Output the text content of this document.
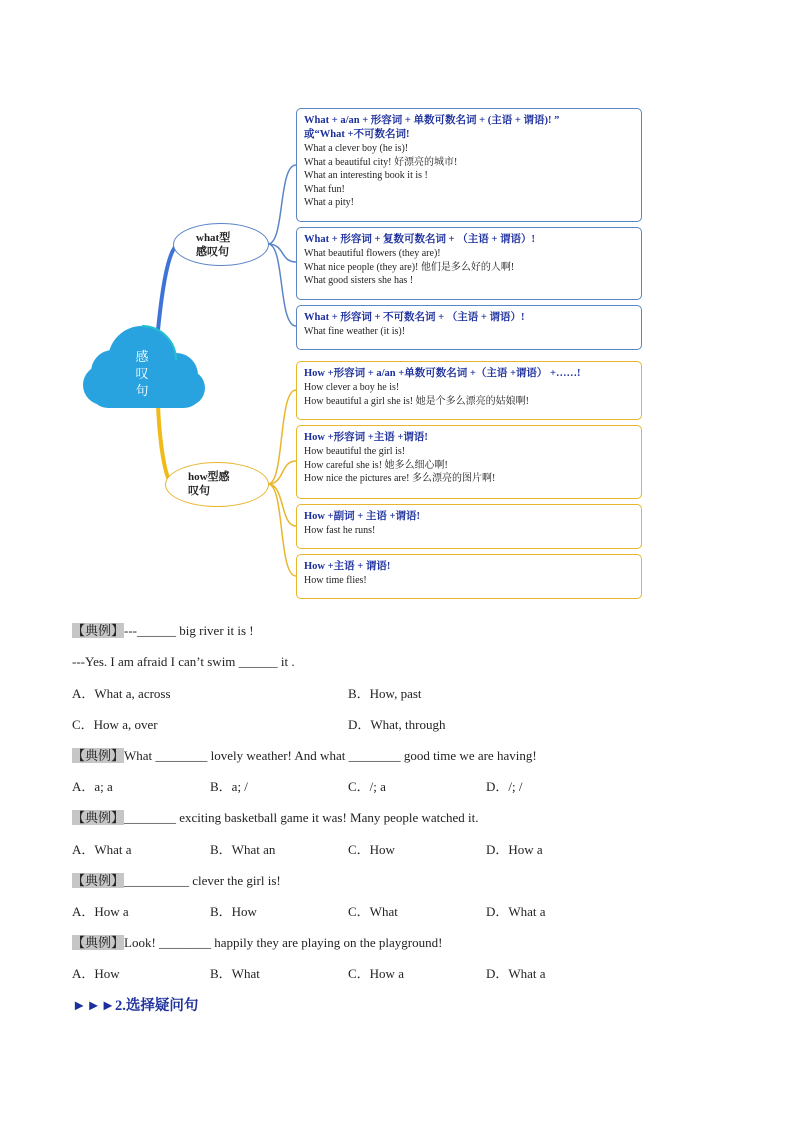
感
叹
句
what型
感叹句
how型感
叹句
What + a/an + 形容词 + 单数可数名词 + (主语 + 谓语)! ”
或“What +不可数名词!
What a clever boy (he is)!
What a beautiful city! 好漂亮的城市!
What an interesting book it is !
What fun!
What a pity!
What + 形容词 + 复数可数名词 + （主语 + 谓语）!
What beautiful flowers (they are)!
What nice people (they are)! 他们是多么好的人啊!
What good sisters she has !
What + 形容词 + 不可数名词 + （主语 + 谓语）!
What fine weather (it is)!
How +形容词 + a/an +单数可数名词 +（主语 +谓语） +……!
How clever a boy he is!
How beautiful a girl she is! 她是个多么漂亮的姑娘啊!
How +形容词 +主语 +谓语!
How beautiful the girl is!
How careful she is! 她多么细心啊!
How nice the pictures are! 多么漂亮的图片啊!
How +副词 + 主语 +谓语!
How fast he runs!
How +主语 + 谓语!
How time flies!
【典例】---______ big river it is !
---Yes. I am afraid I can’t swim ______ it .
A．What a, across	B．How, past
C．How a, over	D．What, through
【典例】What ________ lovely weather! And what ________ good time we are having!
A．a; a	B．a; /	C．/; a	D．/; /
【典例】________ exciting basketball game it was! Many people watched it.
A．What a	B．What an	C．How	D．How a
【典例】__________ clever the girl is!
A．How a	B．How	C．What	D．What a
【典例】Look! ________ happily they are playing on the playground!
A．How	B．What	C．How a	D．What a
►►►2.选择疑问句
